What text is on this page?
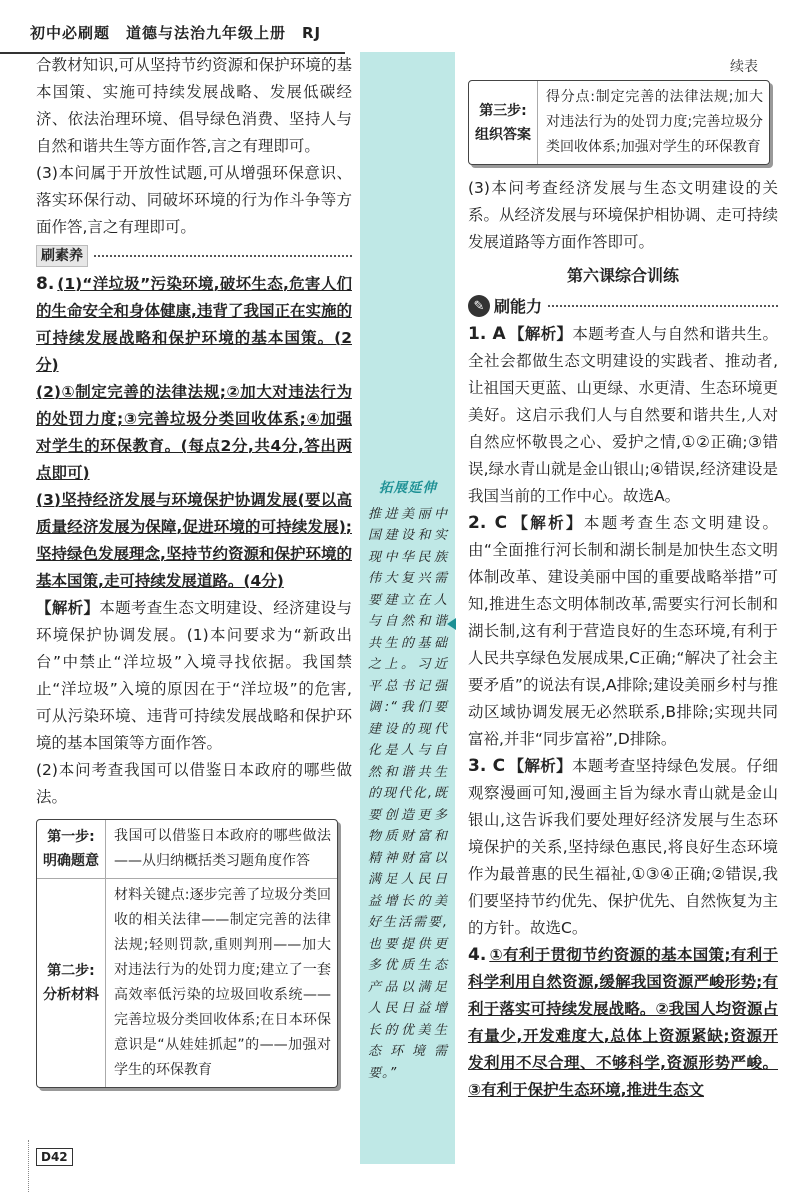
初中必刷题　道德与法治九年级上册　RJ

合教材知识,可从坚持节约资源和保护环境的基本国策、实施可持续发展战略、发展低碳经济、依法治理环境、倡导绿色消费、坚持人与自然和谐共生等方面作答,言之有理即可。

(3)本问属于开放性试题,可从增强环保意识、落实环保行动、同破坏环境的行为作斗争等方面作答,言之有理即可。

刷素养

8. (1)“洋垃圾”污染环境,破坏生态,危害人们的生命安全和身体健康,违背了我国正在实施的可持续发展战略和保护环境的基本国策。(2分)

(2)①制定完善的法律法规;②加大对违法行为的处罚力度;③完善垃圾分类回收体系;④加强对学生的环保教育。(每点2分,共4分,答出两点即可)

(3)坚持经济发展与环境保护协调发展(要以高质量经济发展为保障,促进环境的可持续发展);坚持绿色发展理念,坚持节约资源和保护环境的基本国策,走可持续发展道路。(4分)

【解析】本题考查生态文明建设、经济建设与环境保护协调发展。(1)本问要求为“新政出台”中禁止“洋垃圾”入境寻找依据。我国禁止“洋垃圾”入境的原因在于“洋垃圾”的危害,可从污染环境、违背可持续发展战略和保护环境的基本国策等方面作答。

(2)本问考查我国可以借鉴日本政府的哪些做法。

第一步:
明确题意
我国可以借鉴日本政府的哪些做法——从归纳概括类习题角度作答
第二步:
分析材料
材料关键点:逐步完善了垃圾分类回收的相关法律——制定完善的法律法规;轻则罚款,重则判刑——加大对违法行为的处罚力度;建立了一套高效率低污染的垃圾回收系统——完善垃圾分类回收体系;在日本环保意识是“从娃娃抓起”的——加强对学生的环保教育
拓展延伸
推进美丽中国建设和实现中华民族伟大复兴需要建立在人与自然和谐共生的基础之上。习近平总书记强调:“我们要建设的现代化是人与自然和谐共生的现代化,既要创造更多物质财富和精神财富以满足人民日益增长的美好生活需要,也要提供更多优质生态产品以满足人民日益增长的优美生态环境需要。”
续表
第三步:
组织答案
得分点:制定完善的法律法规;加大对违法行为的处罚力度;完善垃圾分类回收体系;加强对学生的环保教育

(3)本问考查经济发展与生态文明建设的关系。从经济发展与环境保护相协调、走可持续发展道路等方面作答即可。

第六课综合训练
✎ 刷能力

1. A 【解析】本题考查人与自然和谐共生。全社会都做生态文明建设的实践者、推动者,让祖国天更蓝、山更绿、水更清、生态环境更美好。这启示我们人与自然要和谐共生,人对自然应怀敬畏之心、爱护之情,①②正确;③错误,绿水青山就是金山银山;④错误,经济建设是我国当前的工作中心。故选A。

2. C 【解析】本题考查生态文明建设。由“全面推行河长制和湖长制是加快生态文明体制改革、建设美丽中国的重要战略举措”可知,推进生态文明体制改革,需要实行河长制和湖长制,这有利于营造良好的生态环境,有利于人民共享绿色发展成果,C正确;“解决了社会主要矛盾”的说法有误,A排除;建设美丽乡村与推动区域协调发展无必然联系,B排除;实现共同富裕,并非“同步富裕”,D排除。

3. C 【解析】本题考查坚持绿色发展。仔细观察漫画可知,漫画主旨为绿水青山就是金山银山,这告诉我们要处理好经济发展与生态环境保护的关系,坚持绿色惠民,将良好生态环境作为最普惠的民生福祉,①③④正确;②错误,我们要坚持节约优先、保护优先、自然恢复为主的方针。故选C。

4. ①有利于贯彻节约资源的基本国策;有利于科学利用自然资源,缓解我国资源严峻形势;有利于落实可持续发展战略。②我国人均资源占有量少,开发难度大,总体上资源紧缺;资源开发利用不尽合理、不够科学,资源形势严峻。③有利于保护生态环境,推进生态文

D42
